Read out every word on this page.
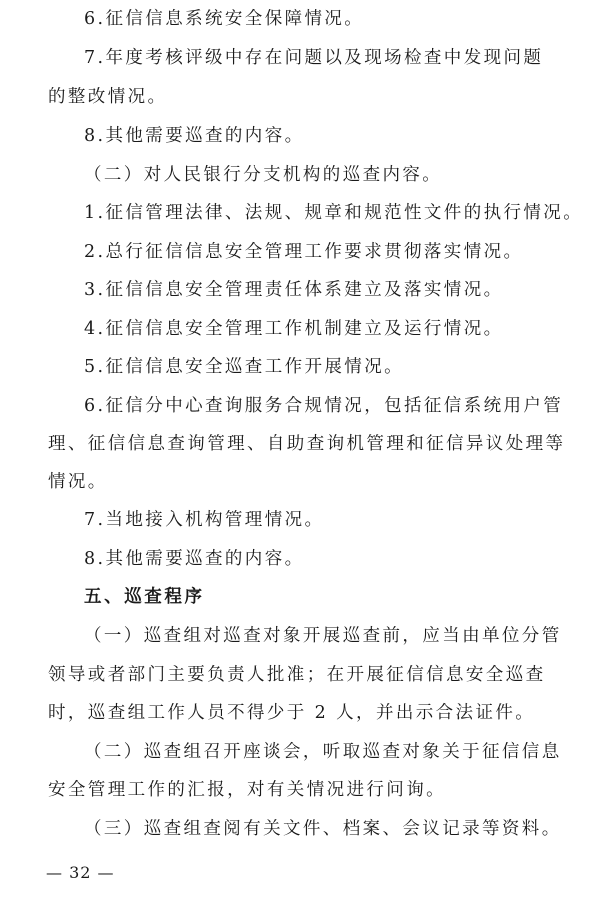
6.征信信息系统安全保障情况。
7.年度考核评级中存在问题以及现场检查中发现问题
的整改情况。
8.其他需要巡查的内容。
（二）对人民银行分支机构的巡查内容。
1.征信管理法律、法规、规章和规范性文件的执行情况。
2.总行征信信息安全管理工作要求贯彻落实情况。
3.征信信息安全管理责任体系建立及落实情况。
4.征信信息安全管理工作机制建立及运行情况。
5.征信信息安全巡查工作开展情况。
6.征信分中心查询服务合规情况，包括征信系统用户管
理、征信信息查询管理、自助查询机管理和征信异议处理等
情况。
7.当地接入机构管理情况。
8.其他需要巡查的内容。
五、巡查程序
（一）巡查组对巡查对象开展巡查前，应当由单位分管
领导或者部门主要负责人批准；在开展征信信息安全巡查
时，巡查组工作人员不得少于 2 人，并出示合法证件。
（二）巡查组召开座谈会，听取巡查对象关于征信信息
安全管理工作的汇报，对有关情况进行问询。
（三）巡查组查阅有关文件、档案、会议记录等资料。
— 32 —
